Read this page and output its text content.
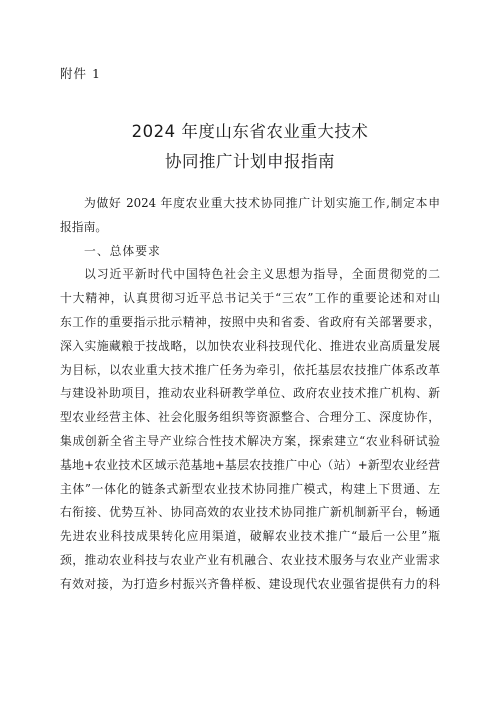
附件 1
2024 年度山东省农业重大技术
协同推广计划申报指南
为做好 2024 年度农业重大技术协同推广计划实施工作,制定本申
报指南。
一、总体要求
以习近平新时代中国特色社会主义思想为指导，全面贯彻党的二
十大精神，认真贯彻习近平总书记关于“三农”工作的重要论述和对山
东工作的重要指示批示精神，按照中央和省委、省政府有关部署要求，
深入实施藏粮于技战略，以加快农业科技现代化、推进农业高质量发展
为目标，以农业重大技术推广任务为牵引，依托基层农技推广体系改革
与建设补助项目，推动农业科研教学单位、政府农业技术推广机构、新
型农业经营主体、社会化服务组织等资源整合、合理分工、深度协作，
集成创新全省主导产业综合性技术解决方案，探索建立“农业科研试验
基地+农业技术区域示范基地+基层农技推广中心（站）+新型农业经营
主体”一体化的链条式新型农业技术协同推广模式，构建上下贯通、左
右衔接、优势互补、协同高效的农业技术协同推广新机制新平台，畅通
先进农业科技成果转化应用渠道，破解农业技术推广“最后一公里”瓶
颈，推动农业科技与农业产业有机融合、农业技术服务与农业产业需求
有效对接，为打造乡村振兴齐鲁样板、建设现代农业强省提供有力的科
